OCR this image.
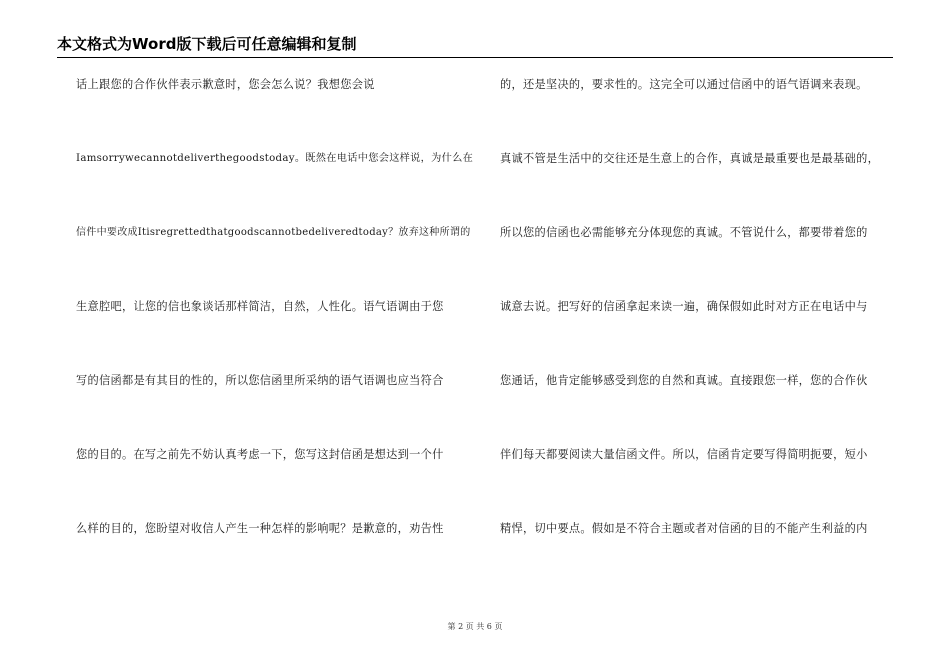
本文格式为Word版下载后可任意编辑和复制
话上跟您的合作伙伴表示歉意时，您会怎么说？我想您会说
Iamsorrywecannotdeliverthegoodstoday。既然在电话中您会这样说，为什么在
信件中要改成Itisregrettedthatgoodscannotbedeliveredtoday？放弃这种所谓的
生意腔吧，让您的信也象谈话那样简洁，自然，人性化。语气语调由于您
写的信函都是有其目的性的，所以您信函里所采纳的语气语调也应当符合
您的目的。在写之前先不妨认真考虑一下，您写这封信函是想达到一个什
么样的目的，您盼望对收信人产生一种怎样的影响呢？是歉意的，劝告性
的，还是坚决的，要求性的。这完全可以通过信函中的语气语调来表现。
真诚不管是生活中的交往还是生意上的合作，真诚是最重要也是最基础的，
所以您的信函也必需能够充分体现您的真诚。不管说什么，都要带着您的
诚意去说。把写好的信函拿起来读一遍，确保假如此时对方正在电话中与
您通话，他肯定能够感受到您的自然和真诚。直接跟您一样，您的合作伙
伴们每天都要阅读大量信函文件。所以，信函肯定要写得简明扼要，短小
精悍，切中要点。假如是不符合主题或者对信函的目的不能产生利益的内
第 2 页 共 6 页
